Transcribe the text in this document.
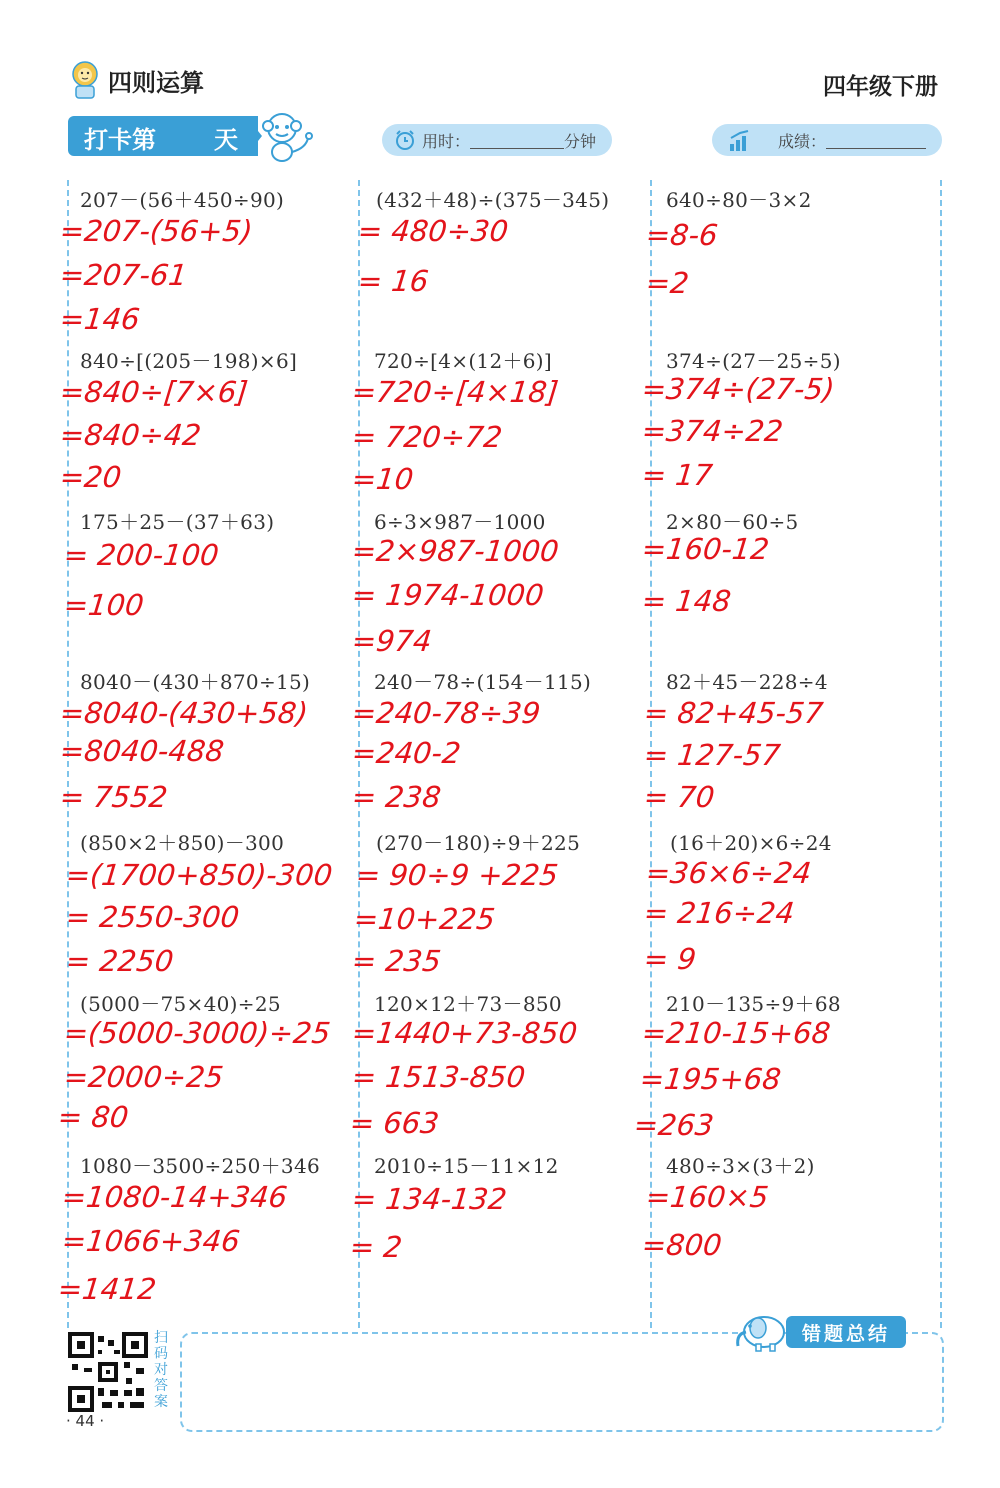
四则运算	四年级下册
打卡第 天	用时：	分钟	成绩：
207－(56＋450÷90)
=207-(56+5)
=207-61
=146
840÷[(205－198)×6]
=840÷[7×6]
=840÷42
=20
175＋25－(37＋63)
= 200-100
=100
8040－(430＋870÷15)
=8040-(430+58)
=8040-488
= 7552
(850×2＋850)－300
=(1700+850)-300
= 2550-300
= 2250
(5000－75×40)÷25
=(5000-3000)÷25
=2000÷25
= 80
1080－3500÷250＋346
=1080-14+346
=1066+346
=1412
(432＋48)÷(375－345)
= 480÷30
= 16
720÷[4×(12＋6)]
=720÷[4×18]
= 720÷72
=10
6÷3×987－1000
=2×987-1000
= 1974-1000
=974
240－78÷(154－115)
=240-78÷39
=240-2
= 238
(270－180)÷9＋225
= 90÷9 +225
=10+225
= 235
120×12＋73－850
=1440+73-850
= 1513-850
= 663
2010÷15－11×12
= 134-132
= 2
640÷80－3×2
=8-6
=2
374÷(27－25÷5)
=374÷(27-5)
=374÷22
= 17
2×80－60÷5
=160-12
= 148
82＋45－228÷4
= 82+45-57
= 127-57
= 70
(16＋20)×6÷24
=36×6÷24
= 216÷24
= 9
210－135÷9＋68
=210-15+68
=195+68
=263
480÷3×(3＋2)
=160×5
=800
扫码对答案
· 44 ·
错题总结
